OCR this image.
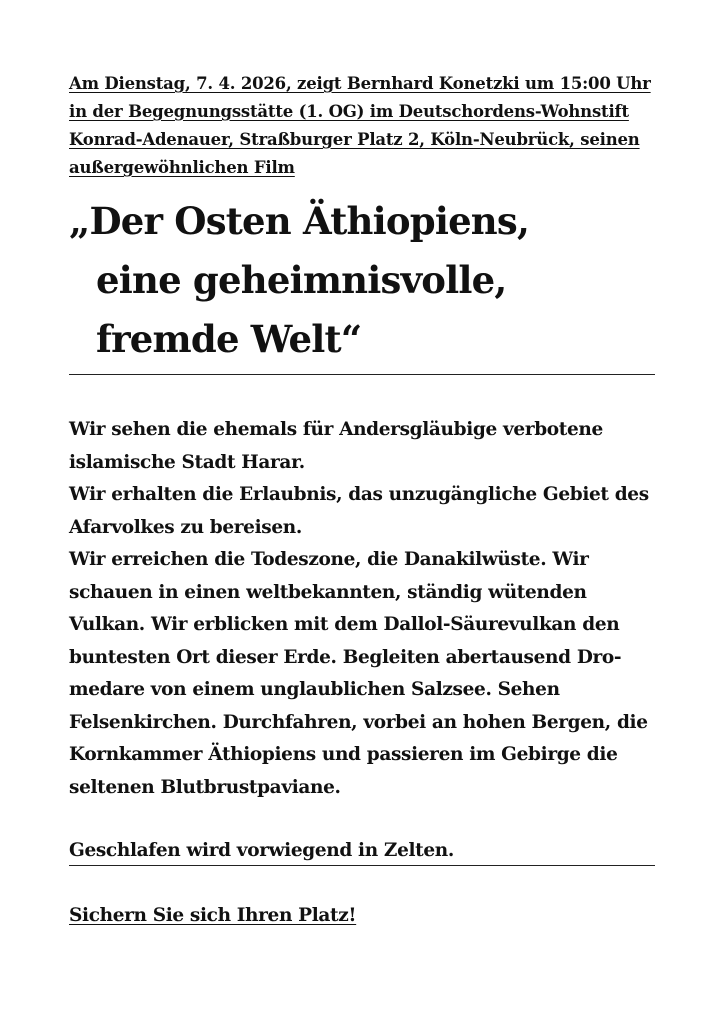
Am Dienstag, 7. 4. 2026, zeigt Bernhard Konetzki um 15:00 Uhr
in der Begegnungsstätte (1. OG) im Deutschordens-Wohnstift
Konrad-Adenauer, Straßburger Platz 2, Köln-Neubrück, seinen
außergewöhnlichen Film

„Der Osten Äthiopiens,
eine geheimnisvolle,
fremde Welt“

Wir sehen die ehemals für Andersgläubige verbotene
islamische Stadt Harar.
Wir erhalten die Erlaubnis, das unzugängliche Gebiet des
Afarvolkes zu bereisen.
Wir erreichen die Todeszone, die Danakilwüste. Wir
schauen in einen weltbekannten, ständig wütenden
Vulkan. Wir erblicken mit dem Dallol-Säurevulkan den
buntesten Ort dieser Erde. Begleiten abertausend Dro-
medare von einem unglaublichen Salzsee. Sehen
Felsenkirchen. Durchfahren, vorbei an hohen Bergen, die
Kornkammer Äthiopiens und passieren im Gebirge die
seltenen Blutbrustpaviane.

Geschlafen wird vorwiegend in Zelten.

Sichern Sie sich Ihren Platz!
